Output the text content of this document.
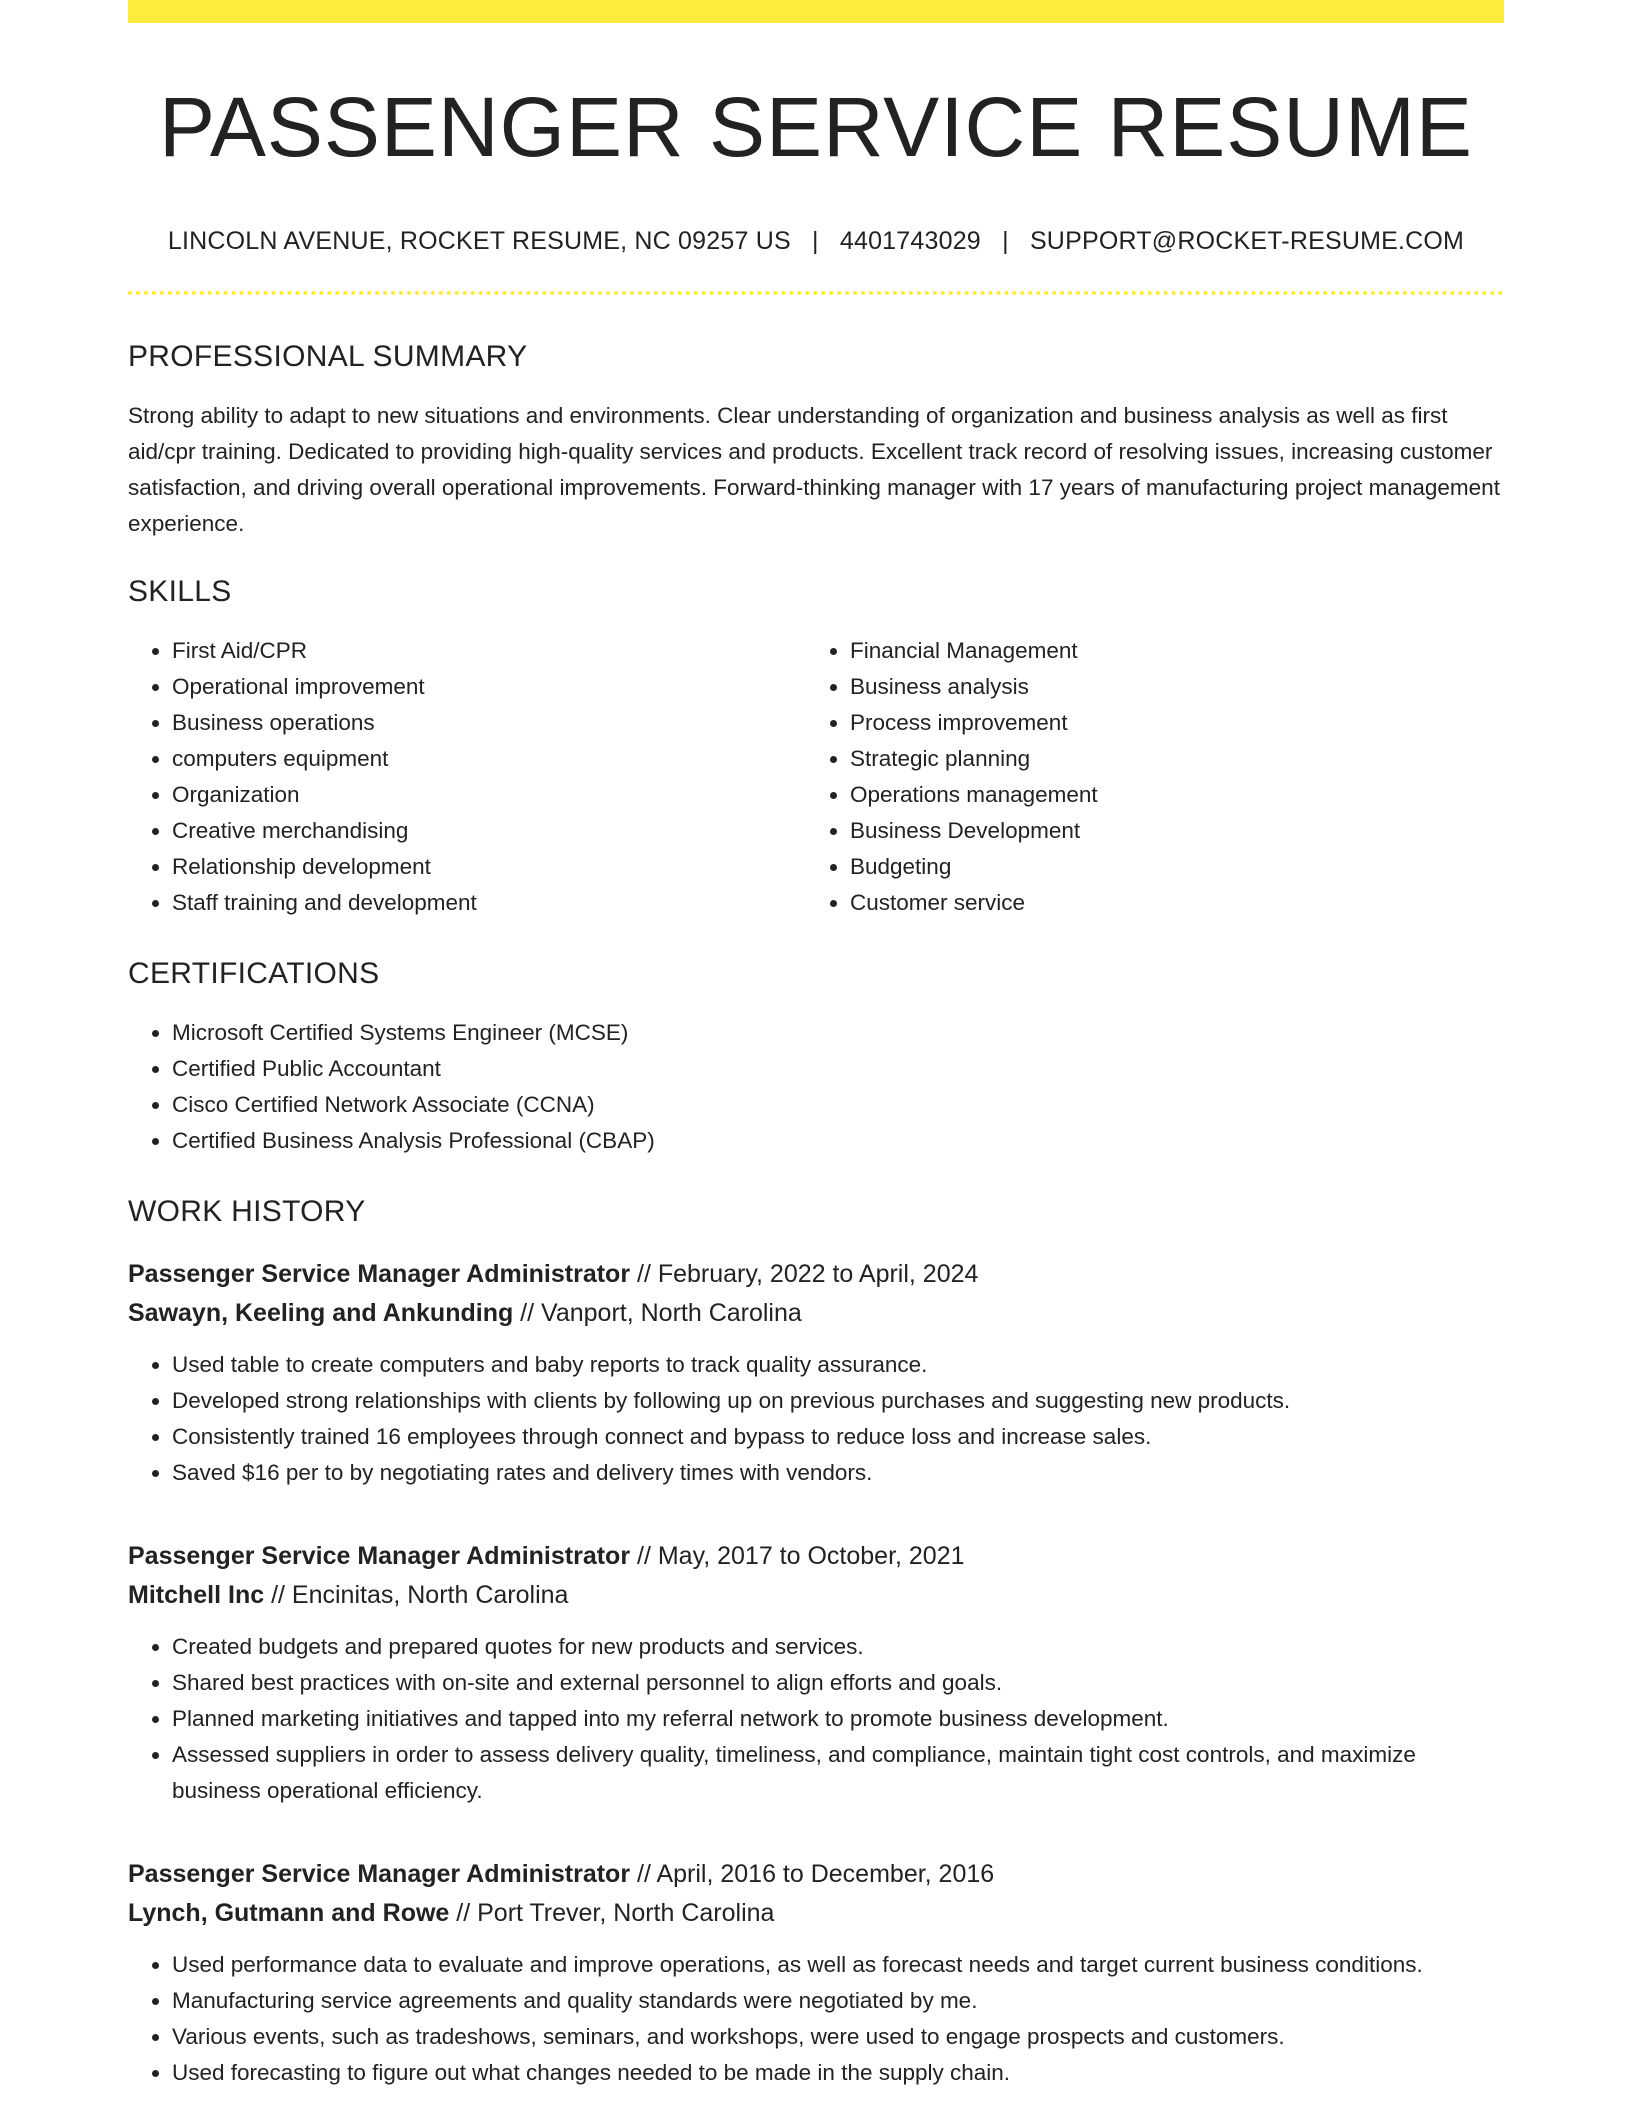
PASSENGER SERVICE RESUME
LINCOLN AVENUE, ROCKET RESUME, NC 09257 US | 4401743029 | SUPPORT@ROCKET-RESUME.COM
PROFESSIONAL SUMMARY

Strong ability to adapt to new situations and environments. Clear understanding of organization and business analysis as well as first aid/cpr training. Dedicated to providing high-quality services and products. Excellent track record of resolving issues, increasing customer satisfaction, and driving overall operational improvements. Forward-thinking manager with 17 years of manufacturing project management experience.

SKILLS
• First Aid/CPR
• Operational improvement
• Business operations
• computers equipment
• Organization
• Creative merchandising
• Relationship development
• Staff training and development
• Financial Management
• Business analysis
• Process improvement
• Strategic planning
• Operations management
• Business Development
• Budgeting
• Customer service
CERTIFICATIONS
• Microsoft Certified Systems Engineer (MCSE)
• Certified Public Accountant
• Cisco Certified Network Associate (CCNA)
• Certified Business Analysis Professional (CBAP)
WORK HISTORY
Passenger Service Manager Administrator // February, 2022 to April, 2024
Sawayn, Keeling and Ankunding // Vanport, North Carolina
• Used table to create computers and baby reports to track quality assurance.
• Developed strong relationships with clients by following up on previous purchases and suggesting new products.
• Consistently trained 16 employees through connect and bypass to reduce loss and increase sales.
• Saved $16 per to by negotiating rates and delivery times with vendors.
Passenger Service Manager Administrator // May, 2017 to October, 2021
Mitchell Inc // Encinitas, North Carolina
• Created budgets and prepared quotes for new products and services.
• Shared best practices with on-site and external personnel to align efforts and goals.
• Planned marketing initiatives and tapped into my referral network to promote business development.
• Assessed suppliers in order to assess delivery quality, timeliness, and compliance, maintain tight cost controls, and maximize business operational efficiency.
Passenger Service Manager Administrator // April, 2016 to December, 2016
Lynch, Gutmann and Rowe // Port Trever, North Carolina
• Used performance data to evaluate and improve operations, as well as forecast needs and target current business conditions.
• Manufacturing service agreements and quality standards were negotiated by me.
• Various events, such as tradeshows, seminars, and workshops, were used to engage prospects and customers.
• Used forecasting to figure out what changes needed to be made in the supply chain.
